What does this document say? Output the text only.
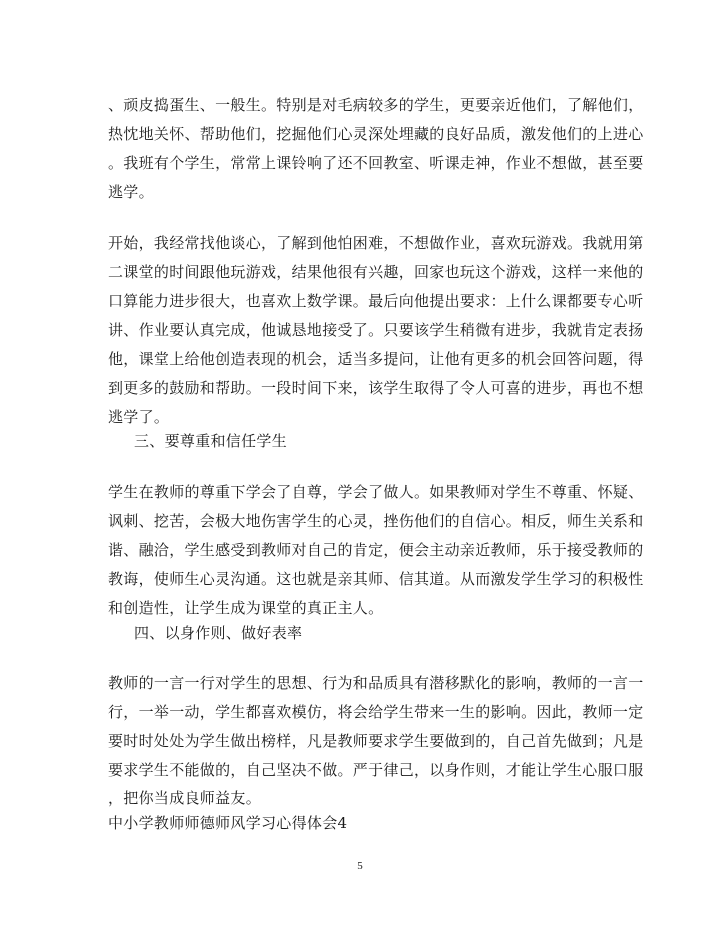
、顽皮捣蛋生、一般生。特别是对毛病较多的学生，更要亲近他们，了解他们，
热忱地关怀、帮助他们，挖掘他们心灵深处埋藏的良好品质，激发他们的上进心
。我班有个学生，常常上课铃响了还不回教室、听课走神，作业不想做，甚至要
逃学。
开始，我经常找他谈心，了解到他怕困难，不想做作业，喜欢玩游戏。我就用第
二课堂的时间跟他玩游戏，结果他很有兴趣，回家也玩这个游戏，这样一来他的
口算能力进步很大，也喜欢上数学课。最后向他提出要求：上什么课都要专心听
讲、作业要认真完成，他诚恳地接受了。只要该学生稍微有进步，我就肯定表扬
他，课堂上给他创造表现的机会，适当多提问，让他有更多的机会回答问题，得
到更多的鼓励和帮助。一段时间下来，该学生取得了令人可喜的进步，再也不想
逃学了。
三、要尊重和信任学生
学生在教师的尊重下学会了自尊，学会了做人。如果教师对学生不尊重、怀疑、
讽刺、挖苦，会极大地伤害学生的心灵，挫伤他们的自信心。相反，师生关系和
谐、融洽，学生感受到教师对自己的肯定，便会主动亲近教师，乐于接受教师的
教诲，使师生心灵沟通。这也就是亲其师、信其道。从而激发学生学习的积极性
和创造性，让学生成为课堂的真正主人。
四、以身作则、做好表率
教师的一言一行对学生的思想、行为和品质具有潜移默化的影响，教师的一言一
行，一举一动，学生都喜欢模仿，将会给学生带来一生的影响。因此，教师一定
要时时处处为学生做出榜样，凡是教师要求学生要做到的，自己首先做到；凡是
要求学生不能做的，自己坚决不做。严于律己，以身作则，才能让学生心服口服
，把你当成良师益友。
中小学教师师德师风学习心得体会4
5
